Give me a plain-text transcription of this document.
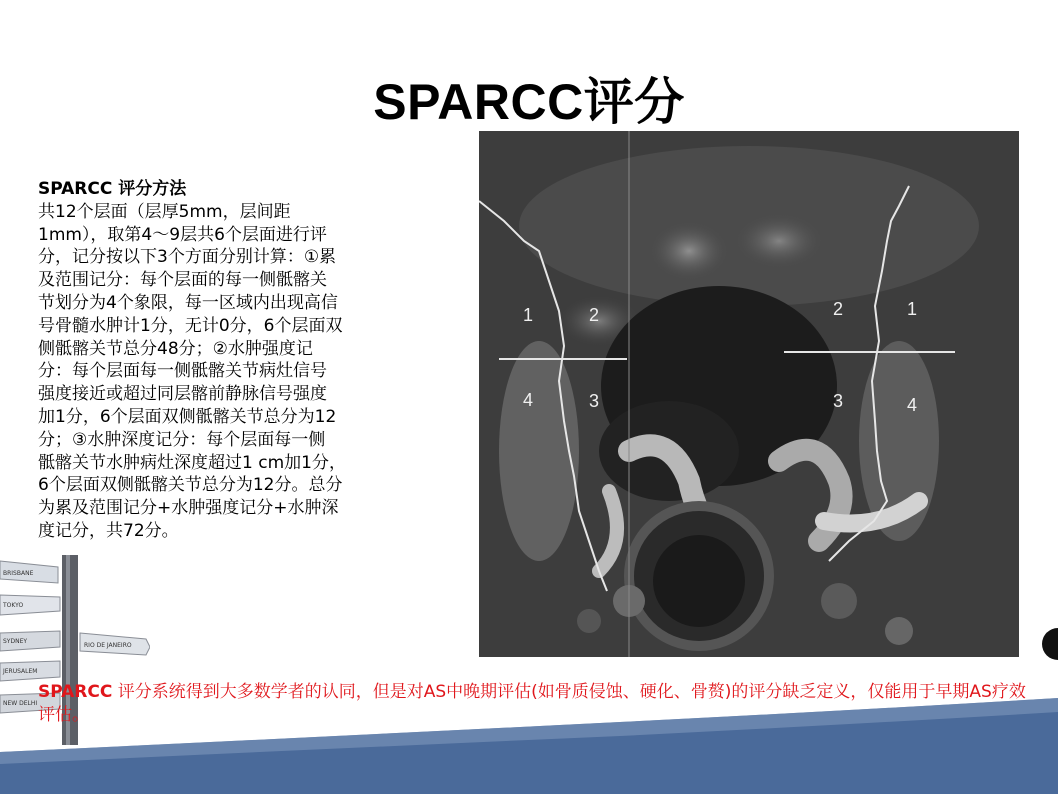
SPARCC评分
SPARCC 评分方法
共12个层面（层厚5mm，层间距
1mm），取第4～9层共6个层面进行评
分，记分按以下3个方面分别计算：①累
及范围记分：每个层面的每一侧骶髂关
节划分为4个象限，每一区域内出现高信
号骨髓水肿计1分，无计0分，6个层面双
侧骶髂关节总分48分；②水肿强度记
分：每个层面每一侧骶髂关节病灶信号
强度接近或超过同层髂前静脉信号强度
加1分，6个层面双侧骶髂关节总分为12
分；③水肿深度记分：每个层面每一侧
骶髂关节水肿病灶深度超过1 cm加1分，
6个层面双侧骶髂关节总分为12分。总分
为累及范围记分+水肿强度记分+水肿深
度记分，共72分。
1	2
4	3
2	1
3	4
BRISBANE
TOKYO
SYDNEY
RIO DE JANEIRO
JERUSALEM
NEW DELHI
SPARCC 评分系统得到大多数学者的认同，但是对AS中晚期评估(如骨质侵蚀、硬化、骨赘)的评分缺乏定义，仅能用于早期AS疗效评估。
